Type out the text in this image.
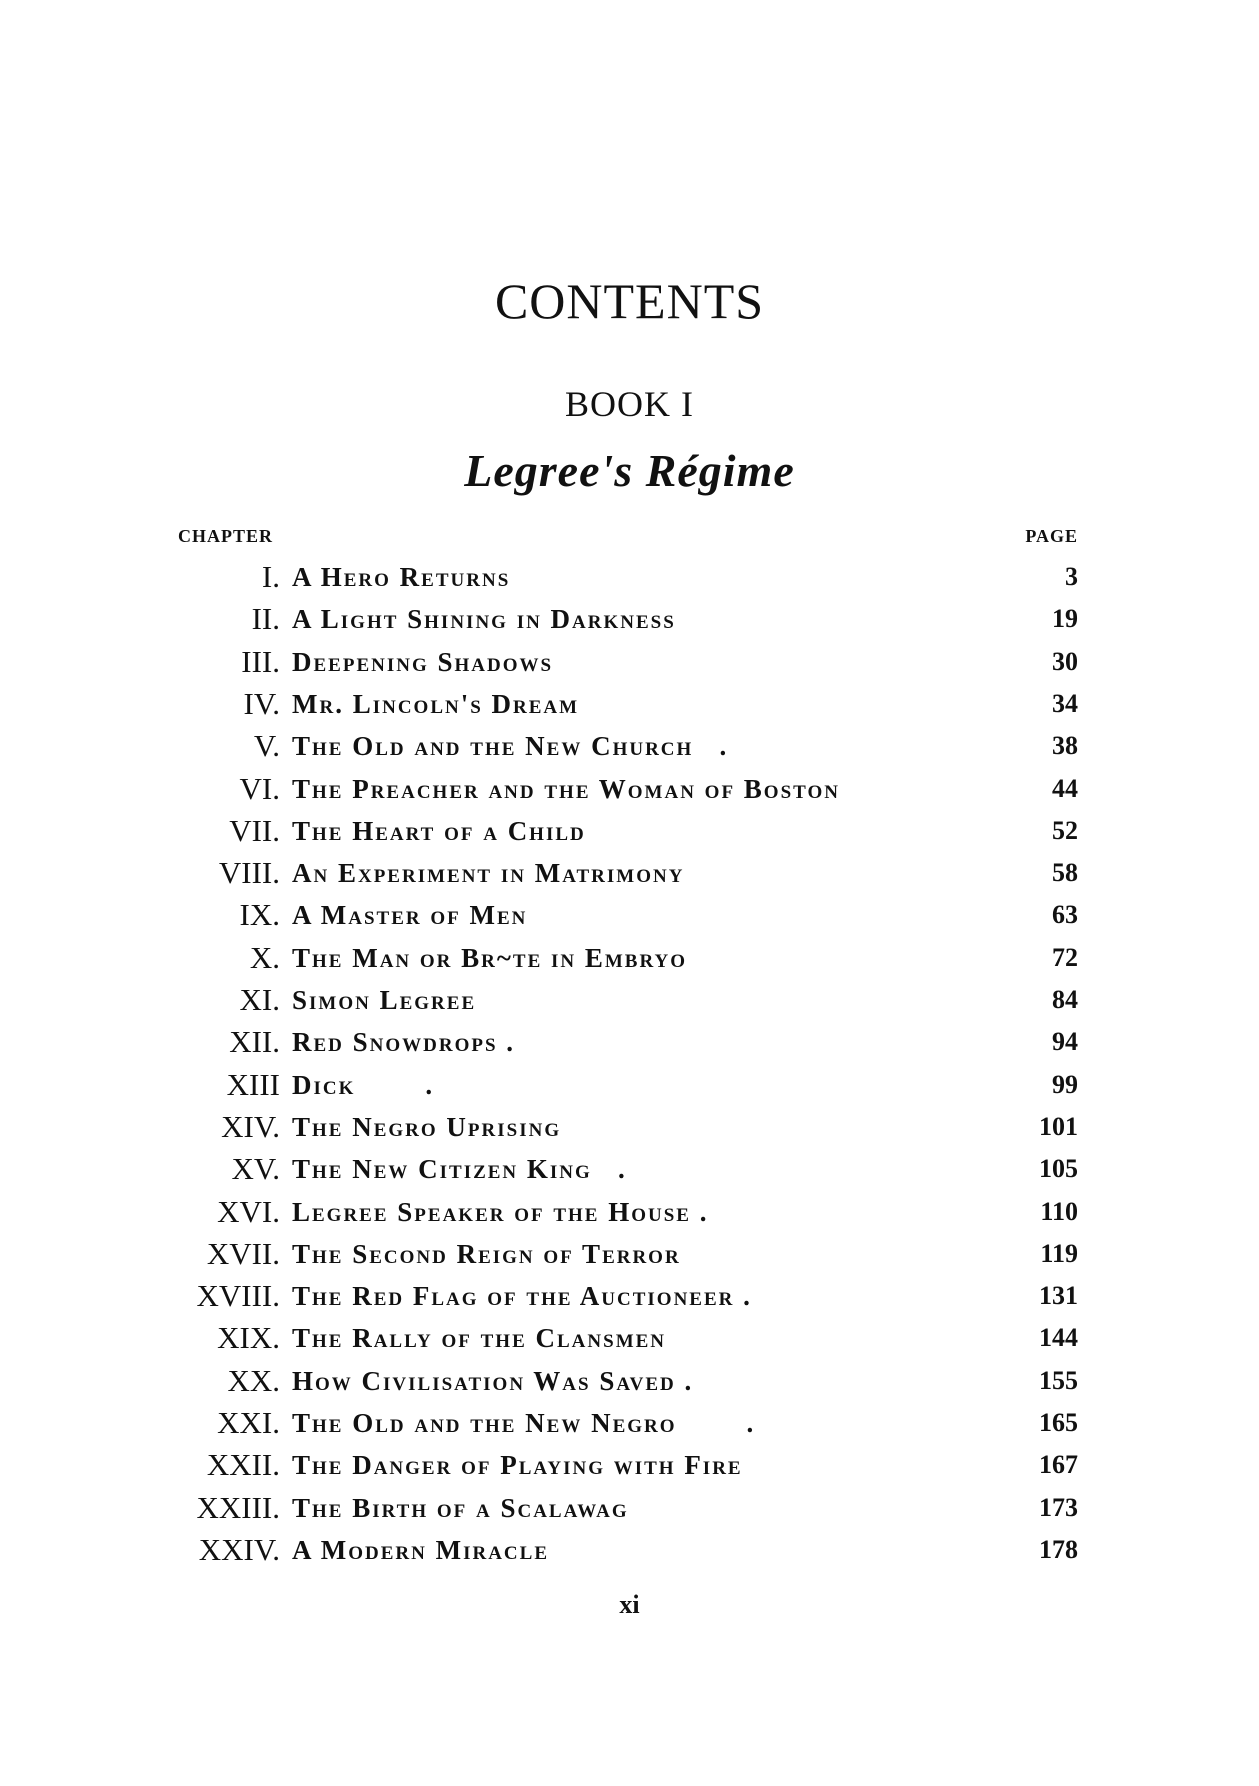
CONTENTS
BOOK I
Legree's Régime
CHAPTER	PAGE
I. A Hero Returns	3
II. A Light Shining in Darkness	19
III. Deepening Shadows	30
IV. Mr. Lincoln's Dream	34
V. The Old and the New Church   .	38
VI. The Preacher and the Woman of Boston	44
VII. The Heart of a Child	52
VIII. An Experiment in Matrimony	58
IX. A Master of Men	63
X. The Man or Br~te in Embryo	72
XI. Simon Legree	84
XII. Red Snowdrops .	94
XIII Dick        .	99
XIV. The Negro Uprising	101
XV. The New Citizen King   .	105
XVI. Legree Speaker of the House .	110
XVII. The Second Reign of Terror	119
XVIII. The Red Flag of the Auctioneer .	131
XIX. The Rally of the Clansmen	144
XX. How Civilisation Was Saved .	155
XXI. The Old and the New Negro        .	165
XXII. The Danger of Playing with Fire	167
XXIII. The Birth of a Scalawag	173
XXIV. A Modern Miracle	178
xi
